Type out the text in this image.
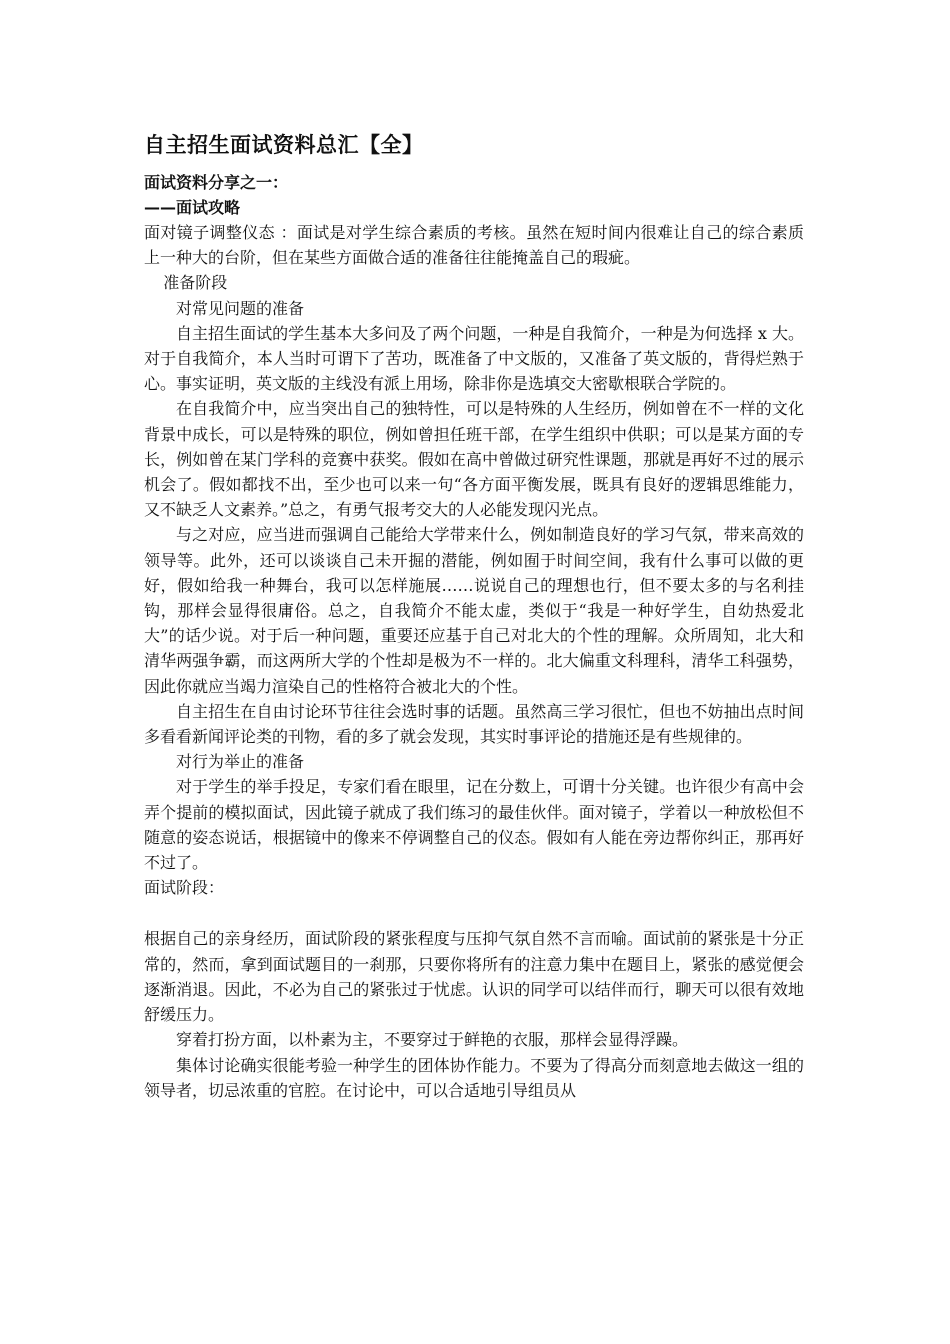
自主招生面试资料总汇【全】
面试资料分享之一：
——面试攻略

面对镜子调整仪态 ：面试是对学生综合素质的考核。虽然在短时间内很难让自己的综合素质上一种大的台阶，但在某些方面做合适的准备往往能掩盖自己的瑕疵。

准备阶段

对常见问题的准备

自主招生面试的学生基本大多问及了两个问题，一种是自我简介，一种是为何选择 x 大。对于自我简介，本人当时可谓下了苦功，既准备了中文版的，又准备了英文版的，背得烂熟于心。事实证明，英文版的主线没有派上用场，除非你是选填交大密歇根联合学院的。

在自我简介中，应当突出自己的独特性，可以是特殊的人生经历，例如曾在不一样的文化背景中成长，可以是特殊的职位，例如曾担任班干部，在学生组织中供职；可以是某方面的专长，例如曾在某门学科的竞赛中获奖。假如在高中曾做过研究性课题，那就是再好不过的展示机会了。假如都找不出，至少也可以来一句“各方面平衡发展，既具有良好的逻辑思维能力，又不缺乏人文素养。”总之，有勇气报考交大的人必能发现闪光点。

与之对应，应当进而强调自己能给大学带来什么，例如制造良好的学习气氛，带来高效的领导等。此外，还可以谈谈自己未开掘的潜能，例如囿于时间空间，我有什么事可以做的更好，假如给我一种舞台，我可以怎样施展……说说自己的理想也行，但不要太多的与名利挂钩，那样会显得很庸俗。总之，自我简介不能太虚，类似于“我是一种好学生，自幼热爱北大”的话少说。对于后一种问题，重要还应基于自己对北大的个性的理解。众所周知，北大和清华两强争霸，而这两所大学的个性却是极为不一样的。北大偏重文科理科，清华工科强势，因此你就应当竭力渲染自己的性格符合被北大的个性。

自主招生在自由讨论环节往往会选时事的话题。虽然高三学习很忙，但也不妨抽出点时间多看看新闻评论类的刊物，看的多了就会发现，其实时事评论的措施还是有些规律的。

对行为举止的准备

对于学生的举手投足，专家们看在眼里，记在分数上，可谓十分关键。也许很少有高中会弄个提前的模拟面试，因此镜子就成了我们练习的最佳伙伴。面对镜子，学着以一种放松但不随意的姿态说话，根据镜中的像来不停调整自己的仪态。假如有人能在旁边帮你纠正，那再好不过了。

面试阶段：

根据自己的亲身经历，面试阶段的紧张程度与压抑气氛自然不言而喻。面试前的紧张是十分正常的，然而，拿到面试题目的一刹那，只要你将所有的注意力集中在题目上，紧张的感觉便会逐渐消退。因此，不必为自己的紧张过于忧虑。认识的同学可以结伴而行，聊天可以很有效地舒缓压力。

穿着打扮方面，以朴素为主，不要穿过于鲜艳的衣服，那样会显得浮躁。

集体讨论确实很能考验一种学生的团体协作能力。不要为了得高分而刻意地去做这一组的领导者，切忌浓重的官腔。在讨论中，可以合适地引导组员从
